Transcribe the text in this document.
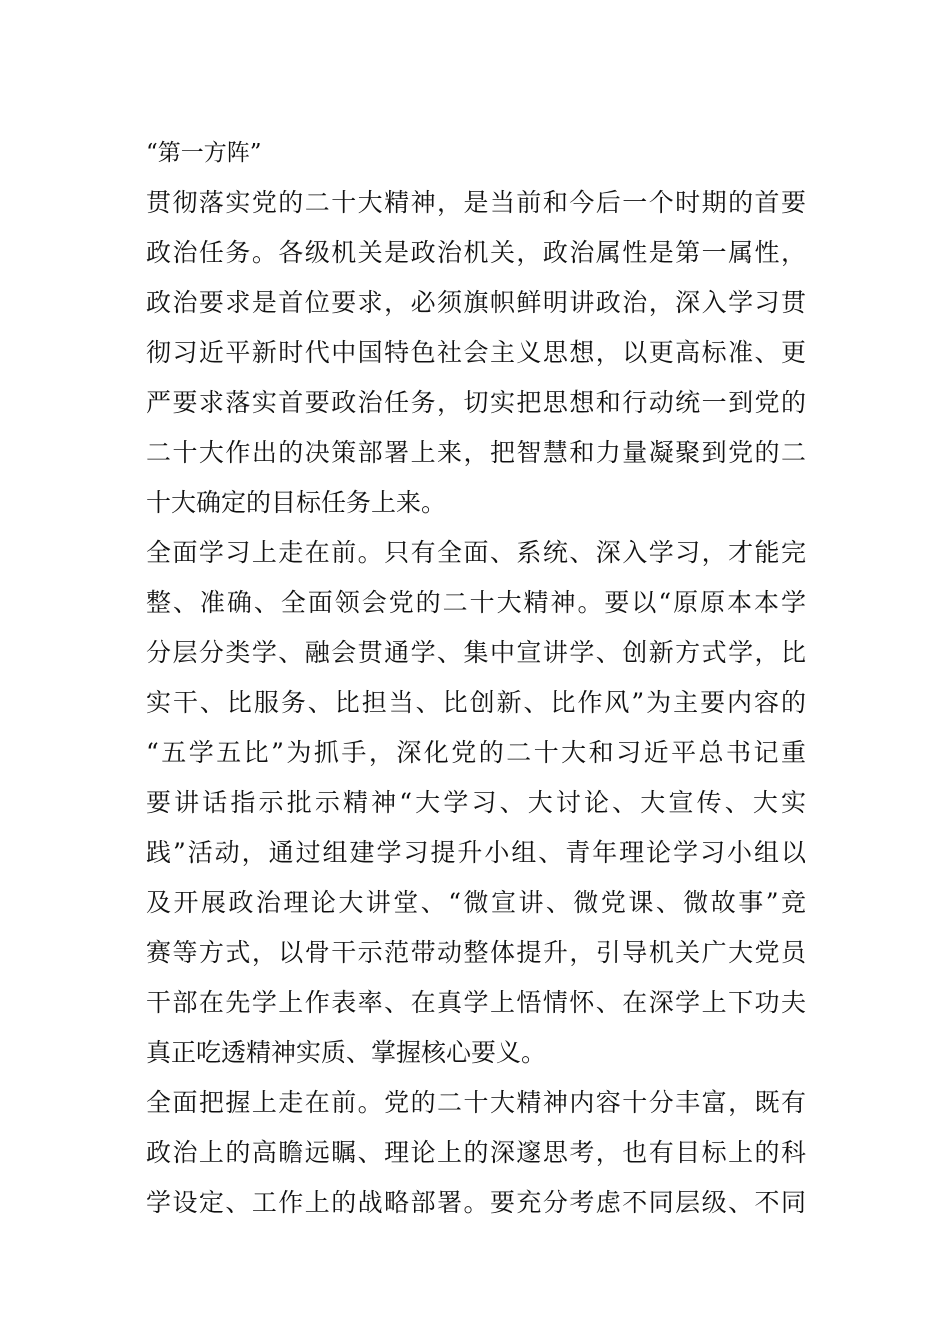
“第一方阵”
贯彻落实党的二十大精神，是当前和今后一个时期的首要
政治任务。各级机关是政治机关，政治属性是第一属性，
政治要求是首位要求，必须旗帜鲜明讲政治，深入学习贯
彻习近平新时代中国特色社会主义思想，以更高标准、更
严要求落实首要政治任务，切实把思想和行动统一到党的
二十大作出的决策部署上来，把智慧和力量凝聚到党的二
十大确定的目标任务上来。
全面学习上走在前。只有全面、系统、深入学习，才能完
整、准确、全面领会党的二十大精神。要以“原原本本学
分层分类学、融会贯通学、集中宣讲学、创新方式学，比
实干、比服务、比担当、比创新、比作风”为主要内容的
“五学五比”为抓手，深化党的二十大和习近平总书记重
要讲话指示批示精神“大学习、大讨论、大宣传、大实
践”活动，通过组建学习提升小组、青年理论学习小组以
及开展政治理论大讲堂、“微宣讲、微党课、微故事”竞
赛等方式，以骨干示范带动整体提升，引导机关广大党员
干部在先学上作表率、在真学上悟情怀、在深学上下功夫
真正吃透精神实质、掌握核心要义。
全面把握上走在前。党的二十大精神内容十分丰富，既有
政治上的高瞻远瞩、理论上的深邃思考，也有目标上的科
学设定、工作上的战略部署。要充分考虑不同层级、不同
